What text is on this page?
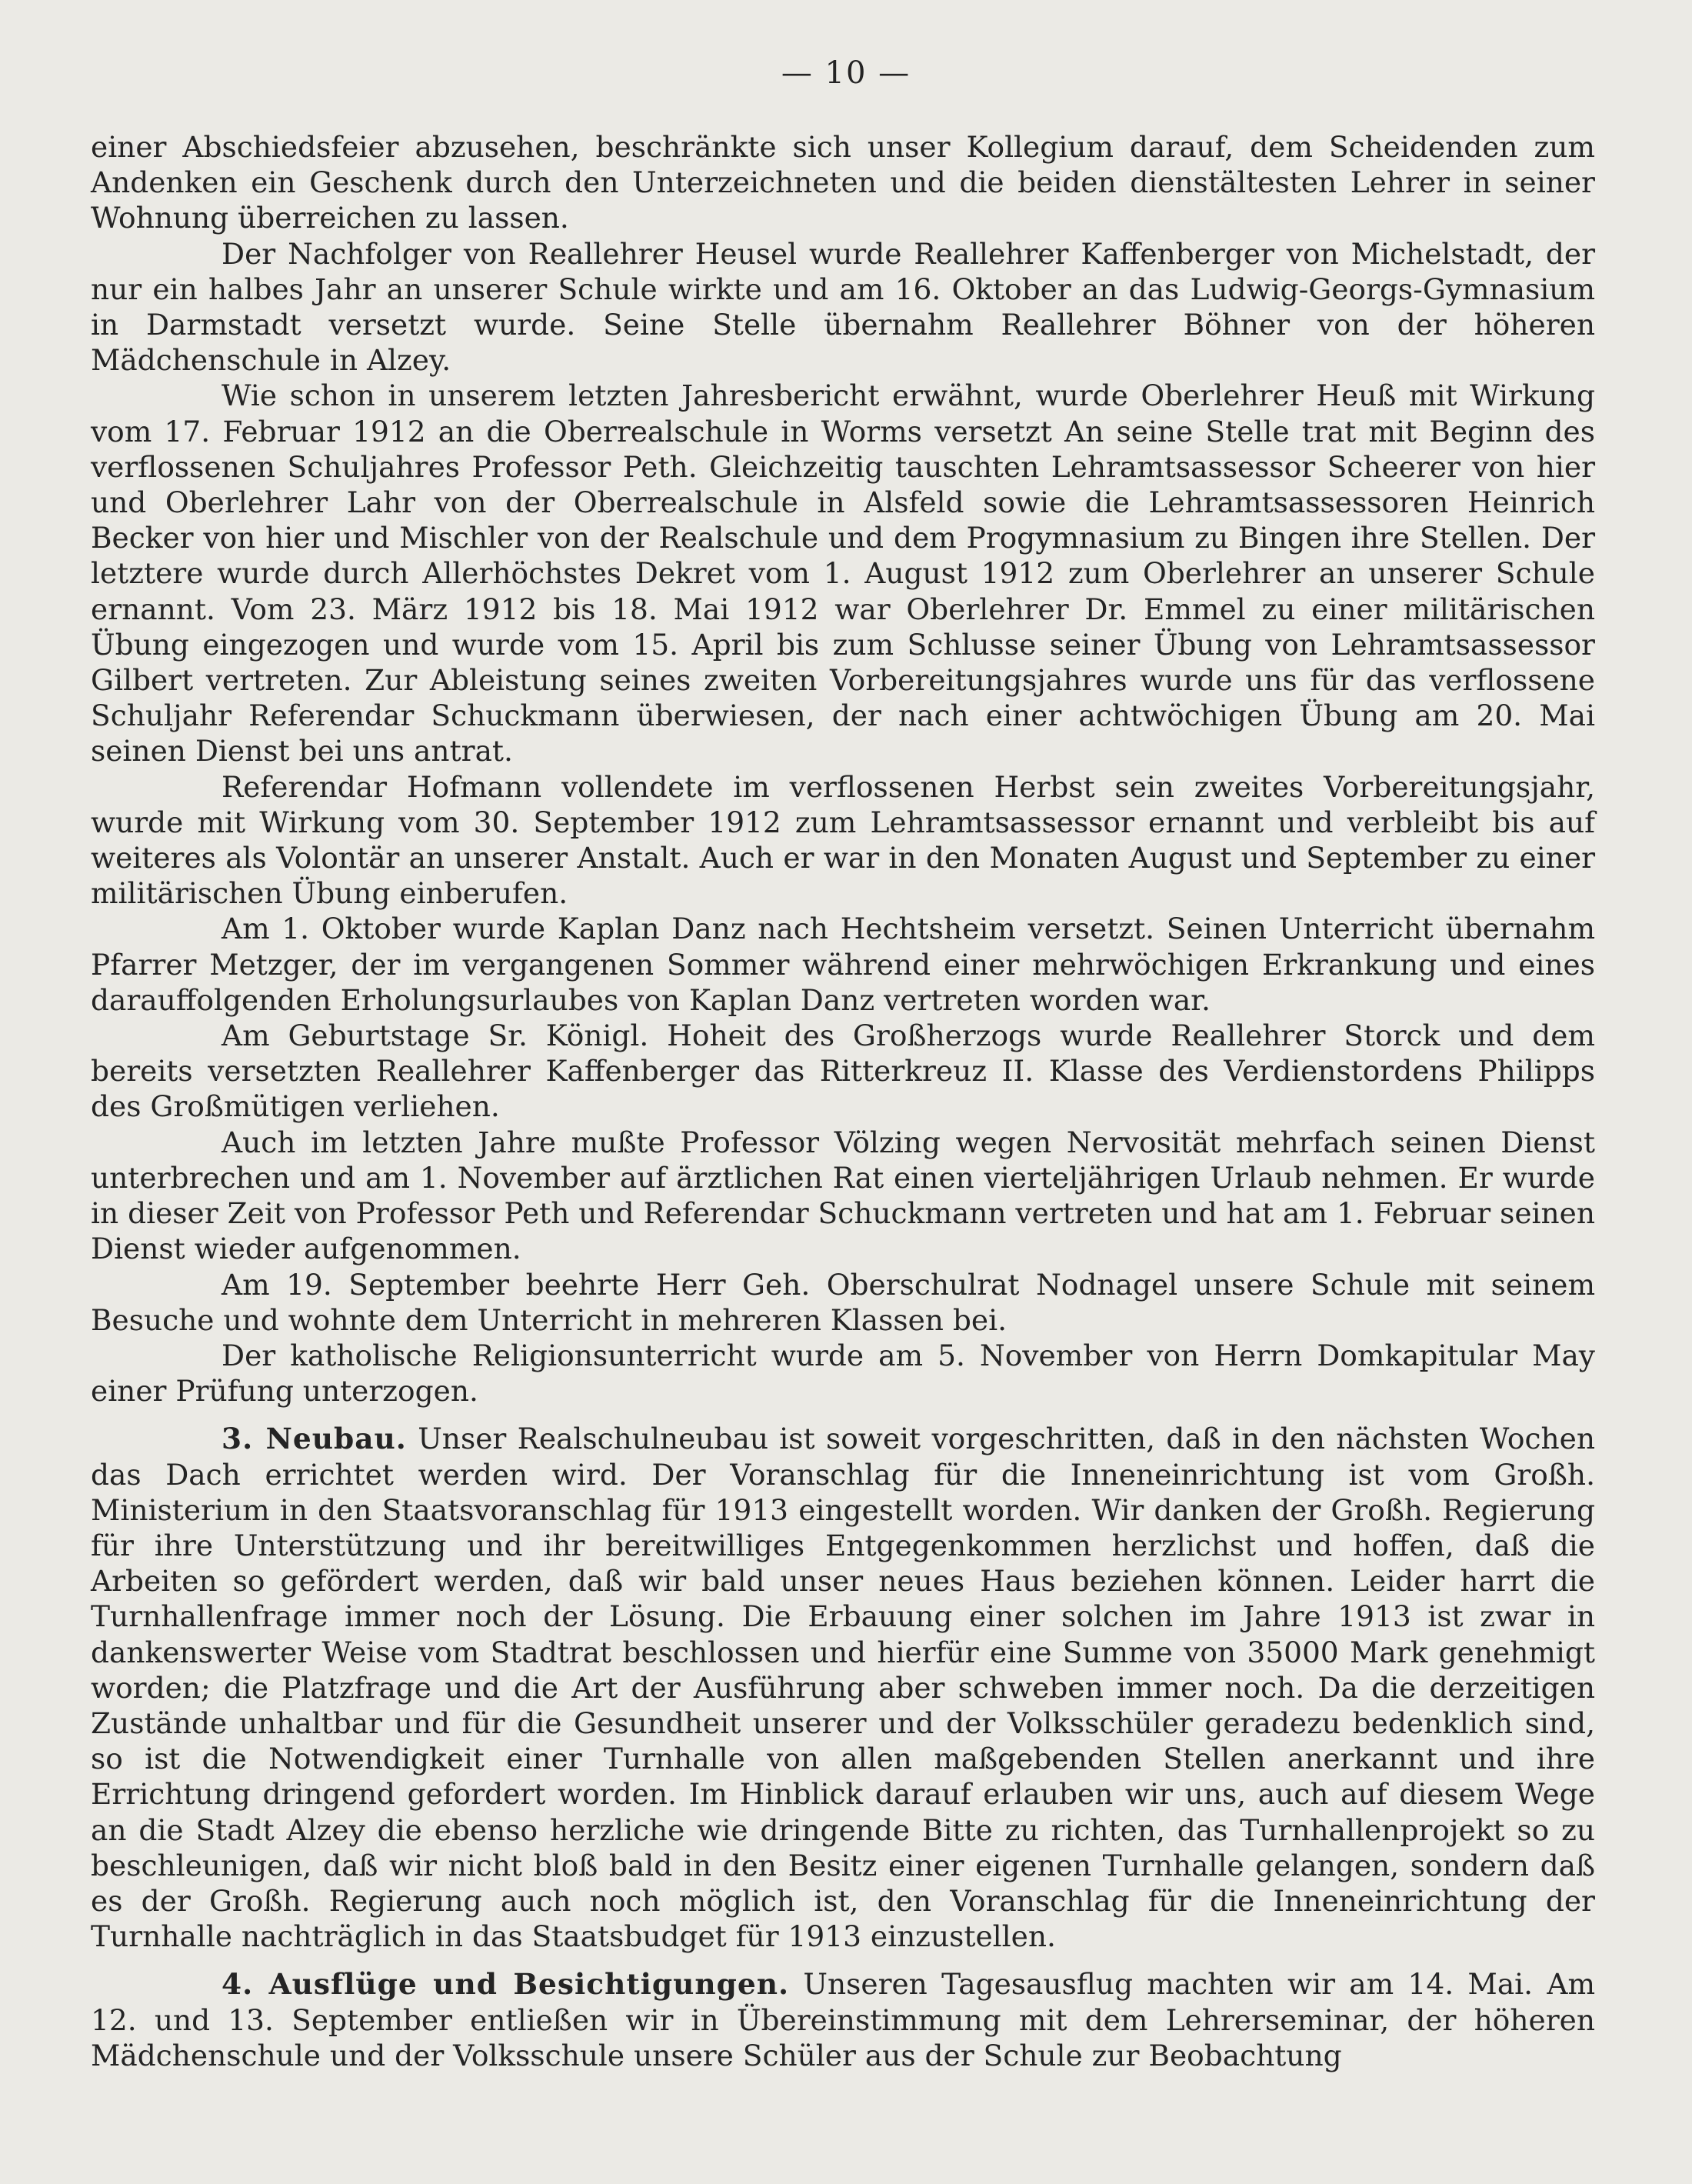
— 10 —

einer Abschiedsfeier abzusehen, beschränkte sich unser Kollegium darauf, dem Scheidenden zum Andenken ein Geschenk durch den Unterzeichneten und die beiden dienstältesten Lehrer in seiner Wohnung überreichen zu lassen.

Der Nachfolger von Reallehrer Heusel wurde Reallehrer Kaffenberger von Michelstadt, der nur ein halbes Jahr an unserer Schule wirkte und am 16. Oktober an das Ludwig-Georgs-Gymnasium in Darmstadt versetzt wurde. Seine Stelle übernahm Reallehrer Böhner von der höheren Mädchenschule in Alzey.

Wie schon in unserem letzten Jahresbericht erwähnt, wurde Oberlehrer Heuß mit Wirkung vom 17. Februar 1912 an die Oberrealschule in Worms versetzt An seine Stelle trat mit Beginn des verflossenen Schuljahres Professor Peth. Gleichzeitig tauschten Lehramtsassessor Scheerer von hier und Oberlehrer Lahr von der Oberrealschule in Alsfeld sowie die Lehramtsassessoren Heinrich Becker von hier und Mischler von der Realschule und dem Progymnasium zu Bingen ihre Stellen. Der letztere wurde durch Allerhöchstes Dekret vom 1. August 1912 zum Oberlehrer an unserer Schule ernannt. Vom 23. März 1912 bis 18. Mai 1912 war Oberlehrer Dr. Emmel zu einer militärischen Übung eingezogen und wurde vom 15. April bis zum Schlusse seiner Übung von Lehramtsassessor Gilbert vertreten. Zur Ableistung seines zweiten Vorbereitungsjahres wurde uns für das verflossene Schuljahr Referendar Schuckmann überwiesen, der nach einer achtwöchigen Übung am 20. Mai seinen Dienst bei uns antrat.

Referendar Hofmann vollendete im verflossenen Herbst sein zweites Vorbereitungsjahr, wurde mit Wirkung vom 30. September 1912 zum Lehramtsassessor ernannt und verbleibt bis auf weiteres als Volontär an unserer Anstalt. Auch er war in den Monaten August und September zu einer militärischen Übung einberufen.

Am 1. Oktober wurde Kaplan Danz nach Hechtsheim versetzt. Seinen Unterricht übernahm Pfarrer Metzger, der im vergangenen Sommer während einer mehrwöchigen Erkrankung und eines darauffolgenden Erholungsurlaubes von Kaplan Danz vertreten worden war.

Am Geburtstage Sr. Königl. Hoheit des Großherzogs wurde Reallehrer Storck und dem bereits versetzten Reallehrer Kaffenberger das Ritterkreuz II. Klasse des Verdienstordens Philipps des Großmütigen verliehen.

Auch im letzten Jahre mußte Professor Völzing wegen Nervosität mehrfach seinen Dienst unterbrechen und am 1. November auf ärztlichen Rat einen vierteljährigen Urlaub nehmen. Er wurde in dieser Zeit von Professor Peth und Referendar Schuckmann vertreten und hat am 1. Februar seinen Dienst wieder aufgenommen.

Am 19. September beehrte Herr Geh. Oberschulrat Nodnagel unsere Schule mit seinem Besuche und wohnte dem Unterricht in mehreren Klassen bei.

Der katholische Religionsunterricht wurde am 5. November von Herrn Domkapitular May einer Prüfung unterzogen.

3. Neubau. Unser Realschulneubau ist soweit vorgeschritten, daß in den nächsten Wochen das Dach errichtet werden wird. Der Voranschlag für die Inneneinrichtung ist vom Großh. Ministerium in den Staatsvoranschlag für 1913 eingestellt worden. Wir danken der Großh. Regierung für ihre Unterstützung und ihr bereitwilliges Entgegenkommen herzlichst und hoffen, daß die Arbeiten so gefördert werden, daß wir bald unser neues Haus beziehen können. Leider harrt die Turnhallenfrage immer noch der Lösung. Die Erbauung einer solchen im Jahre 1913 ist zwar in dankenswerter Weise vom Stadtrat beschlossen und hierfür eine Summe von 35000 Mark genehmigt worden; die Platzfrage und die Art der Ausführung aber schweben immer noch. Da die derzeitigen Zustände unhaltbar und für die Gesundheit unserer und der Volksschüler geradezu bedenklich sind, so ist die Notwendigkeit einer Turnhalle von allen maßgebenden Stellen anerkannt und ihre Errichtung dringend gefordert worden. Im Hinblick darauf erlauben wir uns, auch auf diesem Wege an die Stadt Alzey die ebenso herzliche wie dringende Bitte zu richten, das Turnhallenprojekt so zu beschleunigen, daß wir nicht bloß bald in den Besitz einer eigenen Turnhalle gelangen, sondern daß es der Großh. Regierung auch noch möglich ist, den Voranschlag für die Inneneinrichtung der Turnhalle nachträglich in das Staatsbudget für 1913 einzustellen.

4. Ausflüge und Besichtigungen. Unseren Tagesausflug machten wir am 14. Mai. Am 12. und 13. September entließen wir in Übereinstimmung mit dem Lehrerseminar, der höheren Mädchenschule und der Volksschule unsere Schüler aus der Schule zur Beobachtung
